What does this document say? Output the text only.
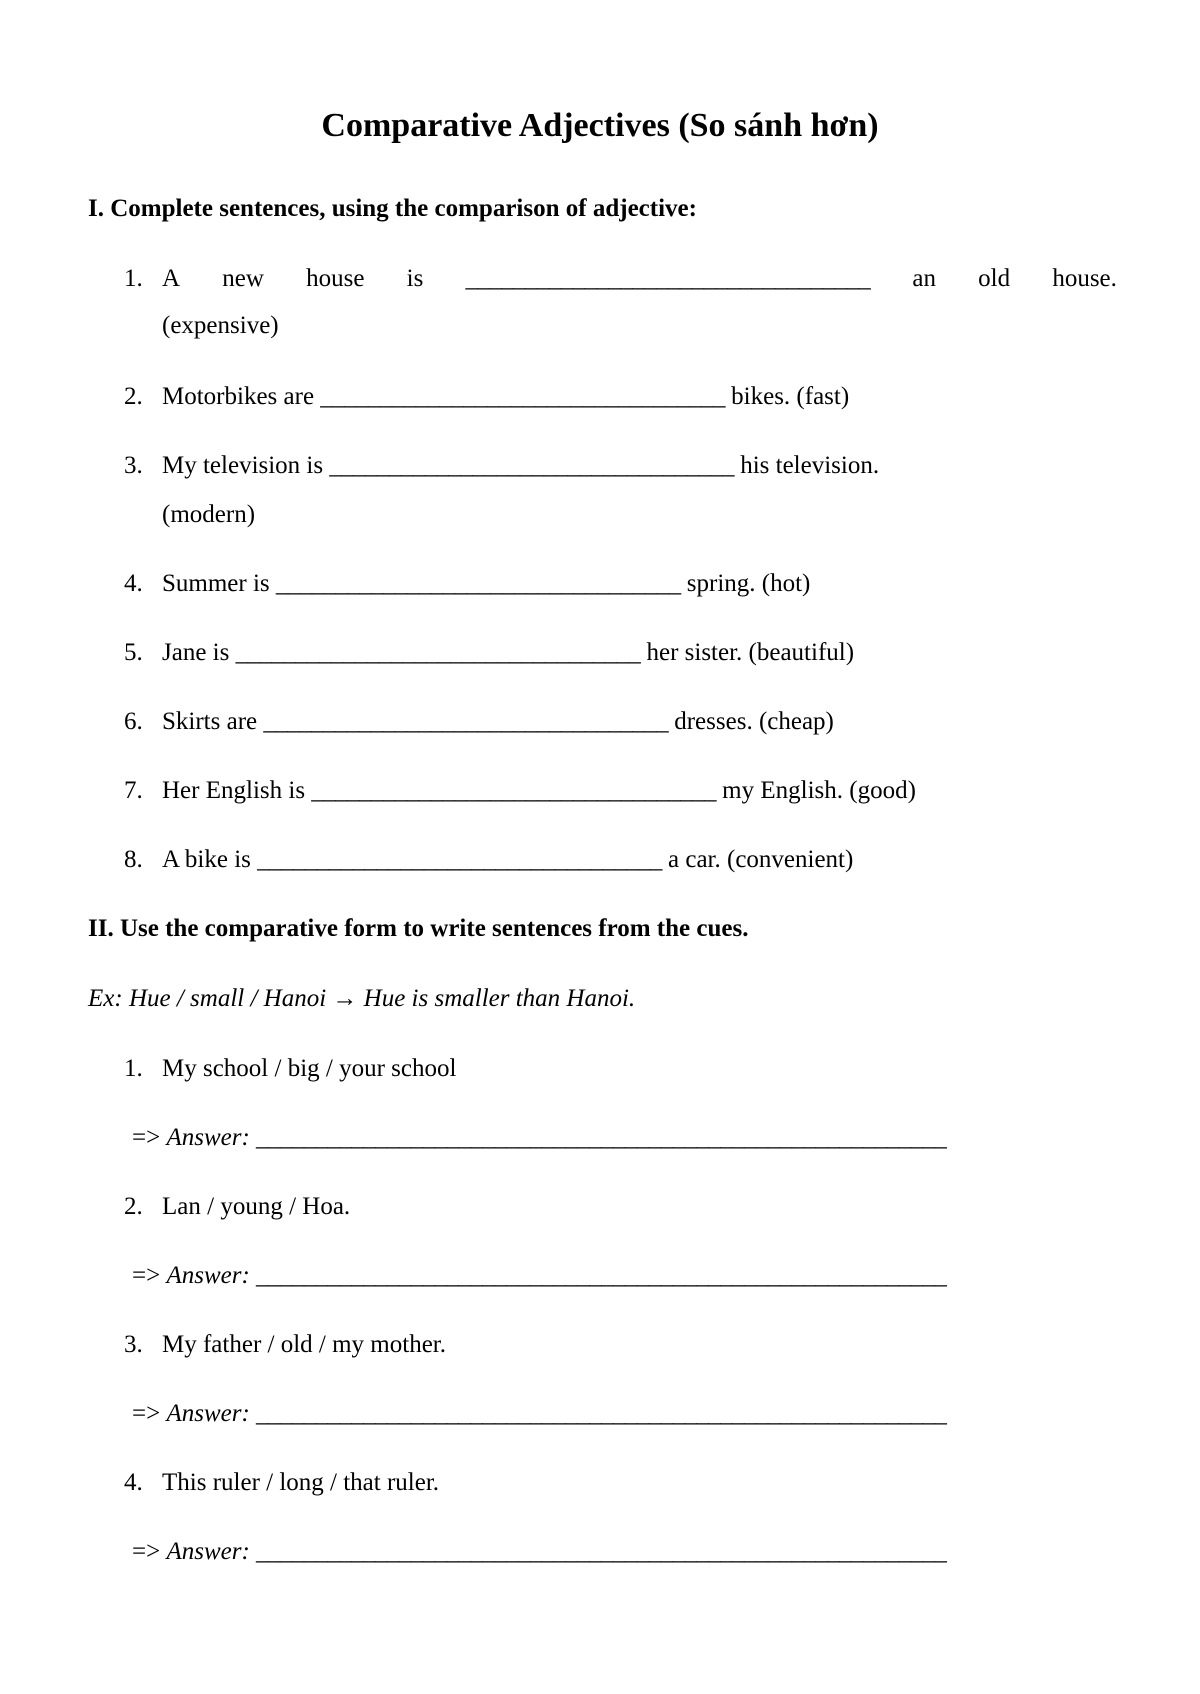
Comparative Adjectives (So sánh hơn)
I. Complete sentences, using the comparison of adjective:
1. A new house is __________________________________ an old house.
(expensive)
2. Motorbikes are __________________________________ bikes. (fast)
3. My television is __________________________________ his television.
(modern)
4. Summer is __________________________________ spring. (hot)
5. Jane is __________________________________ her sister. (beautiful)
6. Skirts are __________________________________ dresses. (cheap)
7. Her English is __________________________________ my English. (good)
8. A bike is __________________________________ a car. (convenient)
II. Use the comparative form to write sentences from the cues.
Ex: Hue / small / Hanoi → Hue is smaller than Hanoi.
1. My school / big / your school
=> Answer: __________________________________________________________
2. Lan / young / Hoa.
=> Answer: __________________________________________________________
3. My father / old / my mother.
=> Answer: __________________________________________________________
4. This ruler / long / that ruler.
=> Answer: __________________________________________________________
